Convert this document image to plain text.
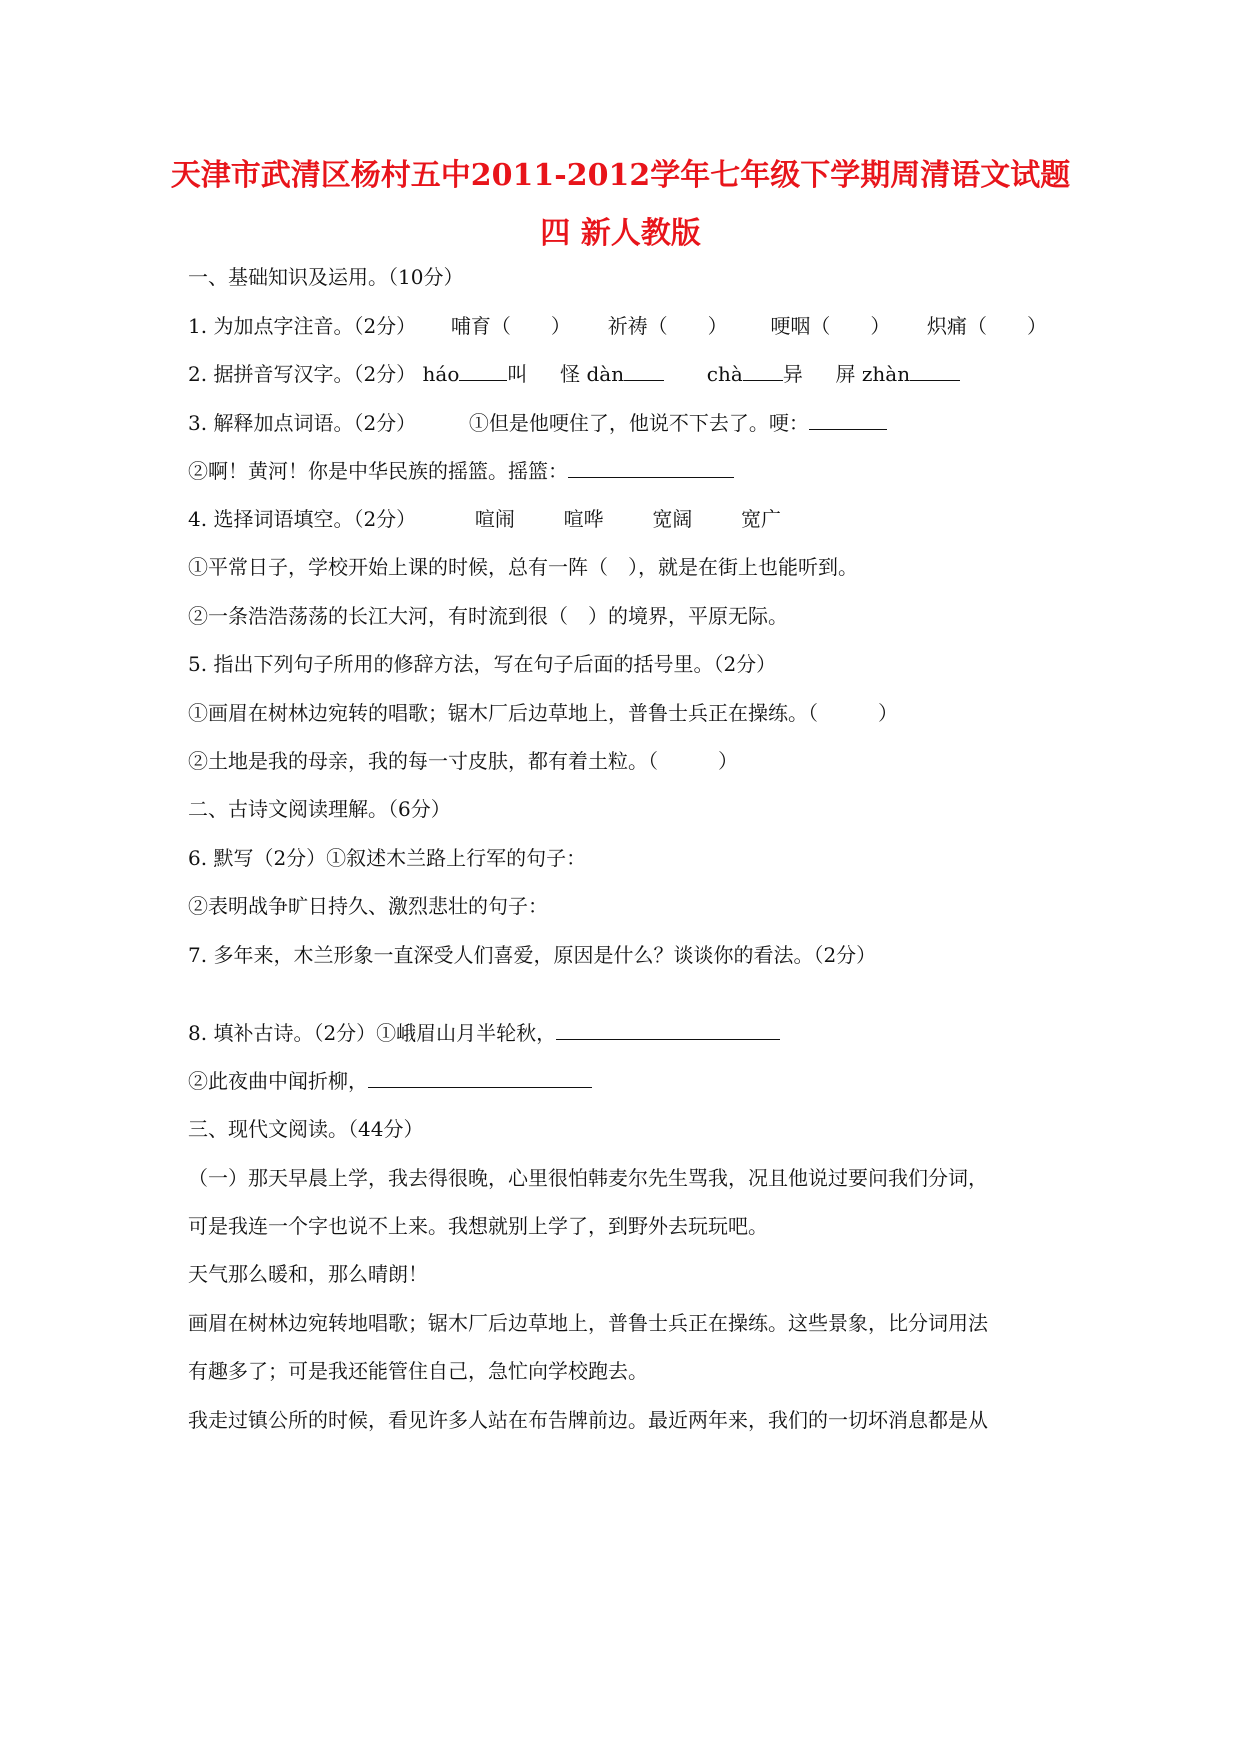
天津市武清区杨村五中2011-2012学年七年级下学期周清语文试题
四 新人教版
一、基础知识及运用。（10分）
1. 为加点字注音。（2分） 哺育（　　） 祈祷（　　） 哽咽（　　） 炽痛（　　）
2. 据拼音写汉字。（2分） háo 叫 怪 dàn	chà 异 屏 zhàn
3. 解释加点词语。（2分）	①但是他哽住了，他说不下去了。哽：
②啊！黄河！你是中华民族的摇篮。摇篮：
4. 选择词语填空。（2分）	喧闹 喧哗 宽阔 宽广
①平常日子，学校开始上课的时候，总有一阵（　），就是在街上也能听到。
②一条浩浩荡荡的长江大河，有时流到很（　）的境界，平原无际。
5. 指出下列句子所用的修辞方法，写在句子后面的括号里。（2分）
①画眉在树林边宛转的唱歌；锯木厂后边草地上，普鲁士兵正在操练。（　　　）
②土地是我的母亲，我的每一寸皮肤，都有着土粒。（　　　）
二、古诗文阅读理解。（6分）
6. 默写（2分）①叙述木兰路上行军的句子：
②表明战争旷日持久、激烈悲壮的句子：
7. 多年来，木兰形象一直深受人们喜爱，原因是什么？谈谈你的看法。（2分）
8. 填补古诗。（2分）①峨眉山月半轮秋，
②此夜曲中闻折柳，
三、现代文阅读。（44分）
（一）那天早晨上学，我去得很晚，心里很怕韩麦尔先生骂我，况且他说过要问我们分词，
可是我连一个字也说不上来。我想就别上学了，到野外去玩玩吧。
天气那么暖和，那么晴朗！
画眉在树林边宛转地唱歌；锯木厂后边草地上，普鲁士兵正在操练。这些景象，比分词用法
有趣多了；可是我还能管住自己，急忙向学校跑去。
我走过镇公所的时候，看见许多人站在布告牌前边。最近两年来，我们的一切坏消息都是从
